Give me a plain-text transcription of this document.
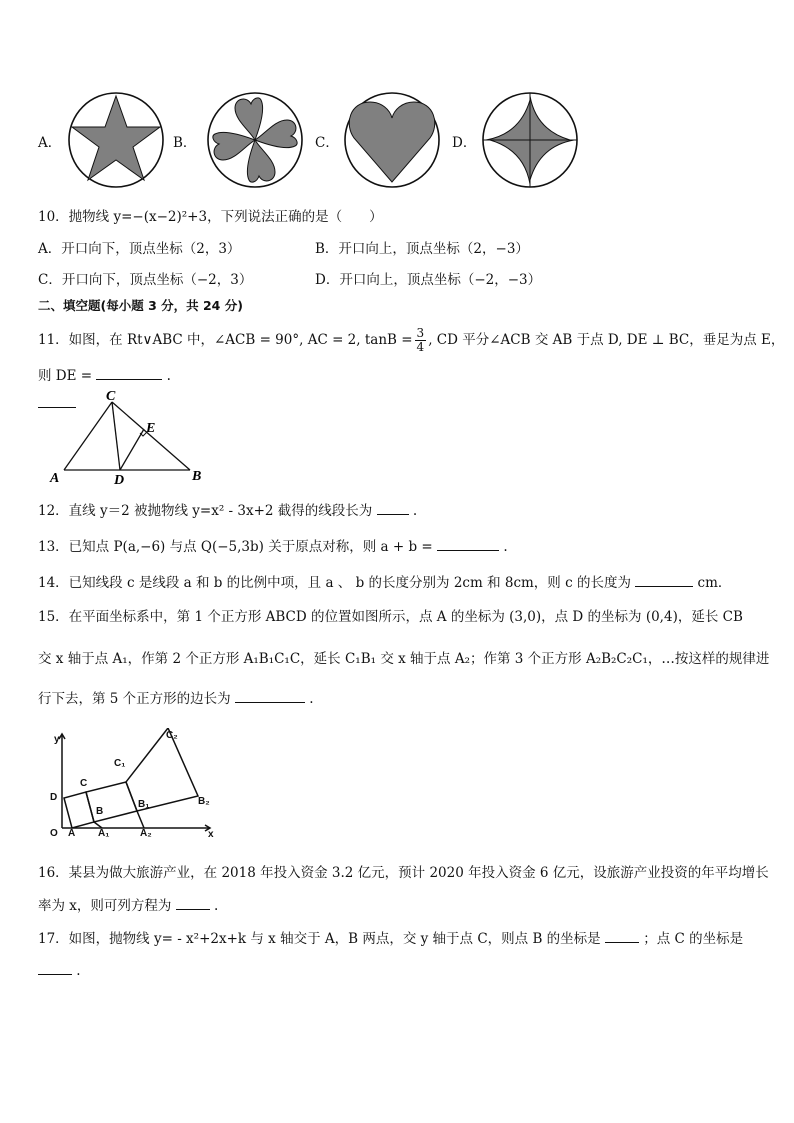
A．	B．	C．	D．
10．抛物线 y=−(x−2)²+3，下列说法正确的是（　　）
A．开口向下，顶点坐标（2，3）	B．开口向上，顶点坐标（2，−3）
C．开口向下，顶点坐标（−2，3）	D．开口向上，顶点坐标（−2，−3）
二、填空题(每小题 3 分，共 24 分)
11．如图，在 Rt∨ABC 中，∠ACB = 90°, AC = 2, $\tan B = \frac{3}{4}$ , CD 平分∠ACB 交 AB 于点 D, DE ⊥ BC，垂足为点 E，
则 DE =	.
C
E
A	D	B
12．直线 y＝2 被抛物线 y=x² - 3x+2 截得的线段长为	.
13．已知点 P(a,−6) 与点 Q(−5,3b) 关于原点对称，则 a + b =	.
14．已知线段 c 是线段 a 和 b 的比例中项，且 a 、 b 的长度分别为 2cm 和 8cm，则 c 的长度为	cm．
15．在平面坐标系中，第 1 个正方形 ABCD 的位置如图所示，点 A 的坐标为 (3,0)，点 D 的坐标为 (0,4)，延长 CB
交 x 轴于点 A₁，作第 2 个正方形 A₁B₁C₁C，延长 C₁B₁ 交 x 轴于点 A₂；作第 3 个正方形 A₂B₂C₂C₁，…按这样的规律进
行下去，第 5 个正方形的边长为	.
y
x
O A A₁	A₂
D
C
B
C₁
B₁
C₂
B₂
16．某县为做大旅游产业，在 2018 年投入资金 3.2 亿元，预计 2020 年投入资金 6 亿元，设旅游产业投资的年平均增长
率为 x，则可列方程为	.
17．如图，抛物线 y= - x²+2x+k 与 x 轴交于 A，B 两点，交 y 轴于点 C，则点 B 的坐标是	；点 C 的坐标是
.
